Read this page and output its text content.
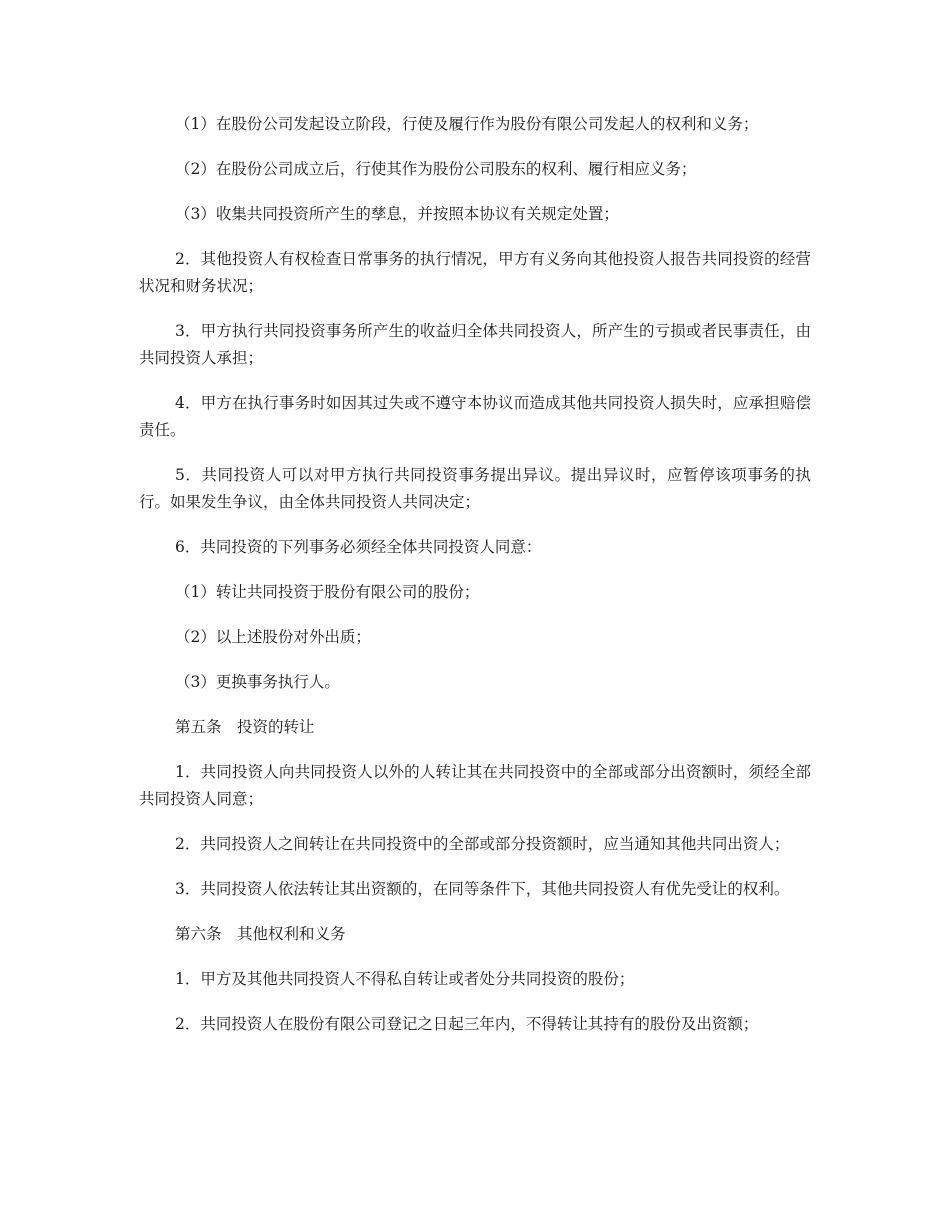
（1）在股份公司发起设立阶段，行使及履行作为股份有限公司发起人的权利和义务；

（2）在股份公司成立后，行使其作为股份公司股东的权利、履行相应义务；

（3）收集共同投资所产生的孳息，并按照本协议有关规定处置；

2．其他投资人有权检查日常事务的执行情况，甲方有义务向其他投资人报告共同投资的经营状况和财务状况；

3．甲方执行共同投资事务所产生的收益归全体共同投资人，所产生的亏损或者民事责任，由共同投资人承担；

4．甲方在执行事务时如因其过失或不遵守本协议而造成其他共同投资人损失时，应承担赔偿责任。

5．共同投资人可以对甲方执行共同投资事务提出异议。提出异议时，应暂停该项事务的执行。如果发生争议，由全体共同投资人共同决定；

6．共同投资的下列事务必须经全体共同投资人同意：

（1）转让共同投资于股份有限公司的股份；

（2）以上述股份对外出质；

（3）更换事务执行人。

第五条　投资的转让

1．共同投资人向共同投资人以外的人转让其在共同投资中的全部或部分出资额时，须经全部共同投资人同意；

2．共同投资人之间转让在共同投资中的全部或部分投资额时，应当通知其他共同出资人；

3．共同投资人依法转让其出资额的，在同等条件下，其他共同投资人有优先受让的权利。

第六条　其他权利和义务

1．甲方及其他共同投资人不得私自转让或者处分共同投资的股份；

2．共同投资人在股份有限公司登记之日起三年内，不得转让其持有的股份及出资额；
